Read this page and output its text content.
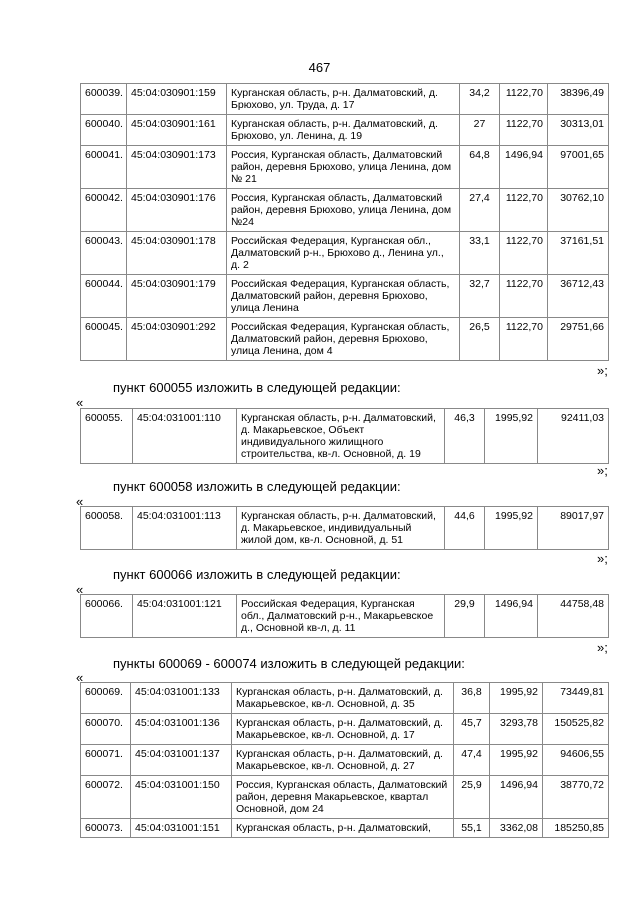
467
600039.	45:04:030901:159	Курганская область, р-н. Далматовский, д. Брюхово, ул. Труда, д. 17	34,2	1122,70	38396,49
600040.	45:04:030901:161	Курганская область, р-н. Далматовский, д. Брюхово, ул. Ленина, д. 19	27	1122,70	30313,01
600041.	45:04:030901:173	Россия, Курганская область, Далматовский район, деревня Брюхово, улица Ленина, дом № 21	64,8	1496,94	97001,65
600042.	45:04:030901:176	Россия, Курганская область, Далматовский район, деревня Брюхово, улица Ленина, дом №24	27,4	1122,70	30762,10
600043.	45:04:030901:178	Российская Федерация, Курганская обл., Далматовский р-н., Брюхово д., Ленина ул., д. 2	33,1	1122,70	37161,51
600044.	45:04:030901:179	Российская Федерация, Курганская область, Далматовский район, деревня Брюхово, улица Ленина	32,7	1122,70	36712,43
600045.	45:04:030901:292	Российская Федерация, Курганская область, Далматовский район, деревня Брюхово, улица Ленина, дом 4	26,5	1122,70	29751,66
»;
пункт 600055 изложить в следующей редакции:
«
600055.	45:04:031001:110	Курганская область, р-н. Далматовский, д. Макарьевское, Объект индивидуального жилищного строительства, кв-л. Основной, д. 19	46,3	1995,92	92411,03
»;
пункт 600058 изложить в следующей редакции:
«
600058.	45:04:031001:113	Курганская область, р-н. Далматовский, д. Макарьевское, индивидуальный жилой дом, кв-л. Основной, д. 51	44,6	1995,92	89017,97
»;
пункт 600066 изложить в следующей редакции:
«
600066.	45:04:031001:121	Российская Федерация, Курганская обл., Далматовский р-н., Макарьевское д., Основной кв-л, д. 11	29,9	1496,94	44758,48
»;
пункты 600069 - 600074 изложить в следующей редакции:
«
600069.	45:04:031001:133	Курганская область, р-н. Далматовский, д. Макарьевское, кв-л. Основной, д. 35	36,8	1995,92	73449,81
600070.	45:04:031001:136	Курганская область, р-н. Далматовский, д. Макарьевское, кв-л. Основной, д. 17	45,7	3293,78	150525,82
600071.	45:04:031001:137	Курганская область, р-н. Далматовский, д. Макарьевское, кв-л. Основной, д. 27	47,4	1995,92	94606,55
600072.	45:04:031001:150	Россия, Курганская область, Далматовский район, деревня Макарьевское, квартал Основной, дом 24	25,9	1496,94	38770,72
600073.	45:04:031001:151	Курганская область, р-н. Далматовский,	55,1	3362,08	185250,85
